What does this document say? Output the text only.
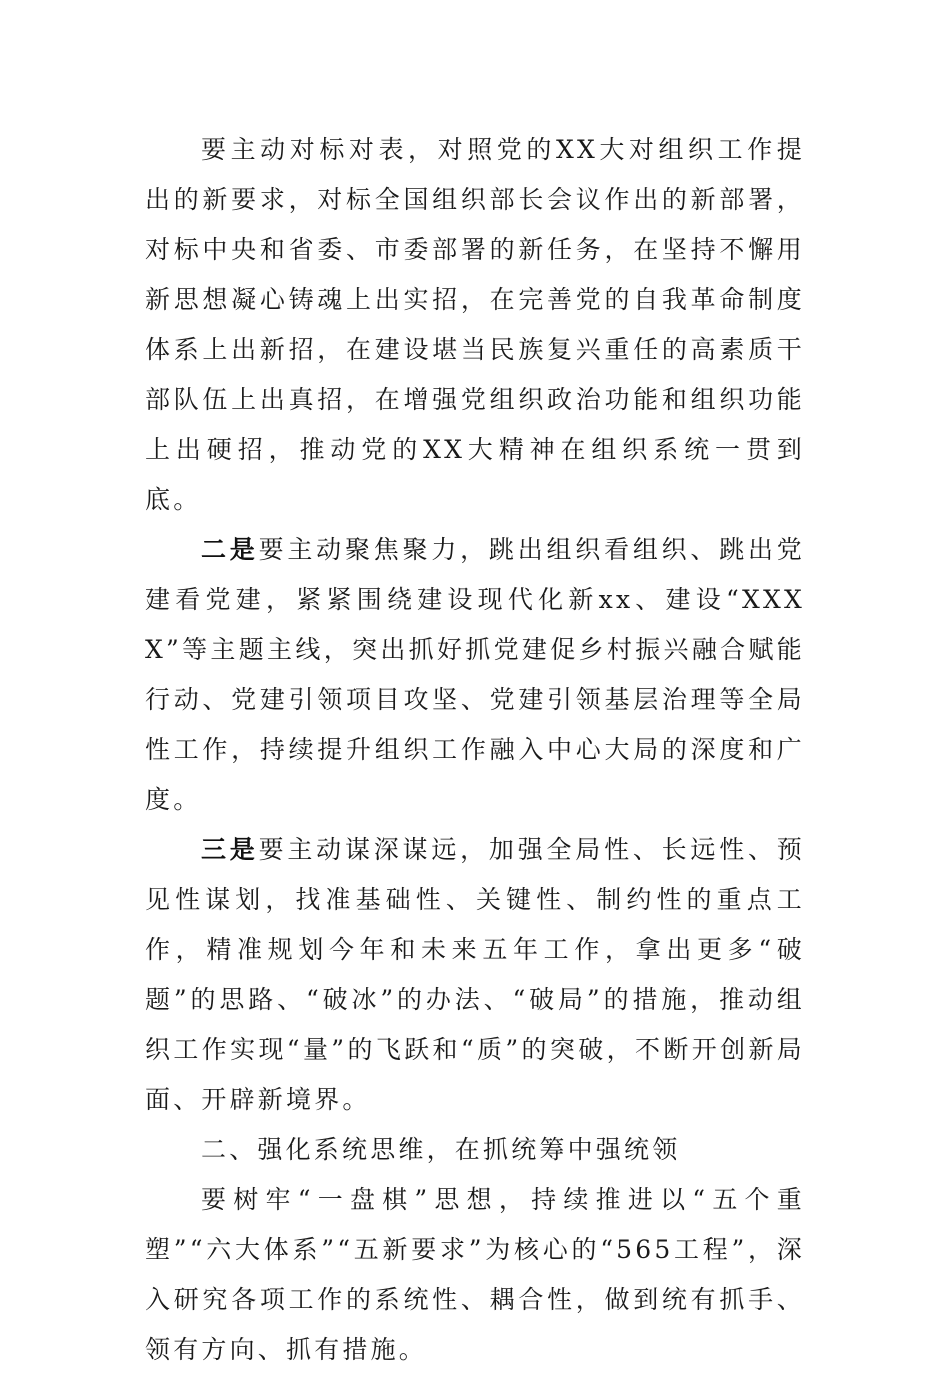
要主动对标对表，对照党的XX大对组织工作提出的新要求，对标全国组织部长会议作出的新部署，对标中央和省委、市委部署的新任务，在坚持不懈用新思想凝心铸魂上出实招，在完善党的自我革命制度体系上出新招，在建设堪当民族复兴重任的高素质干部队伍上出真招，在增强党组织政治功能和组织功能上出硬招，推动党的XX大精神在组织系统一贯到底。

二是要主动聚焦聚力，跳出组织看组织、跳出党建看党建，紧紧围绕建设现代化新xx、建设“XXXX”等主题主线，突出抓好抓党建促乡村振兴融合赋能行动、党建引领项目攻坚、党建引领基层治理等全局性工作，持续提升组织工作融入中心大局的深度和广度。

三是要主动谋深谋远，加强全局性、长远性、预见性谋划，找准基础性、关键性、制约性的重点工作，精准规划今年和未来五年工作，拿出更多“破题”的思路、“破冰”的办法、“破局”的措施，推动组织工作实现“量”的飞跃和“质”的突破，不断开创新局面、开辟新境界。

二、强化系统思维，在抓统筹中强统领

要树牢“一盘棋”思想，持续推进以“五个重塑”“六大体系”“五新要求”为核心的“565工程”，深入研究各项工作的系统性、耦合性，做到统有抓手、领有方向、抓有措施。
